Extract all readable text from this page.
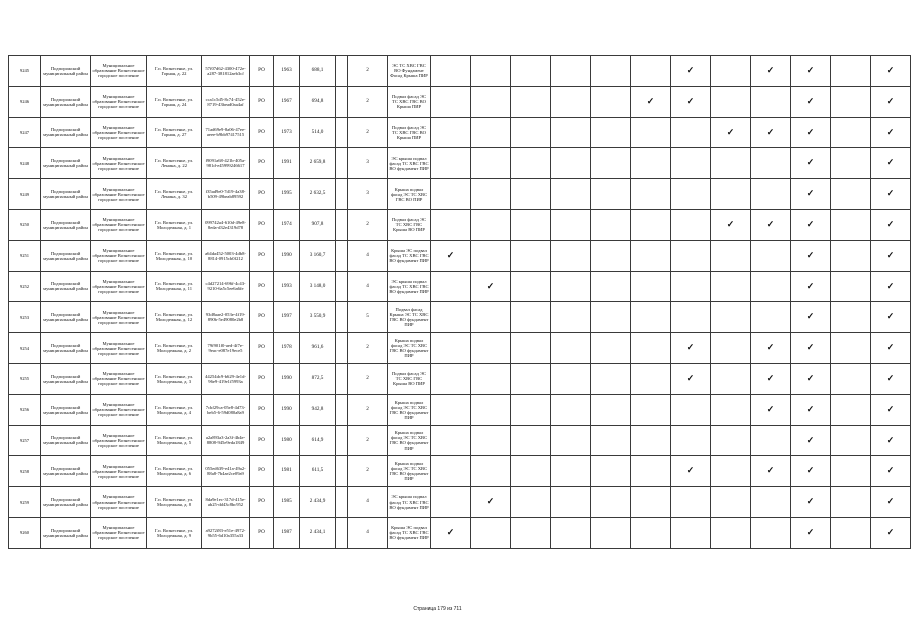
9245	Подпорожский муниципальный район	Муниципальное образование Вознесенское городское поселение	Г.п. Вознесенье, ул. Горная, д. 22	57f07d62-4300-472e-a287-381812aeb3cf	РО	1963	688,1		2	ЭС ТС ХВС ГВС ВО Фундамент Фасад Крыша ПИР							✓		✓	✓		✓
9246	Подпорожский муниципальный район	Муниципальное образование Вознесенское городское поселение	Г.п. Вознесенье, ул. Горная, д. 24	cca1c5d5-8c74-452e-8719-43bead0aa4af	РО	1967	694,8		2	Подвал фасад ЭС ТС ХВС ГВС ВО Крыша ПИР						✓	✓			✓		✓
9247	Подпорожский муниципальный район	Муниципальное образование Вознесенское городское поселение	Г.п. Вознесенье, ул. Горная, д. 27	71ad69e9-8a06-47ee-aeee-b9bb97417515	РО	1973	514,0		2	Подвал фасад ЭС ТС ХВС ГВС ВО Крыша ПИР								✓	✓	✓		✓
9248	Подпорожский муниципальный район	Муниципальное образование Вознесенское городское поселение	Г.п. Вознесенье, ул. Ленина, д. 22	f9091a68-421b-405a-981d-e45999246617	РО	1991	2 659,8		3	ЭС крыша подвал фасад ТС ХВС ГВС ВО фундамент ПИР										✓		✓
9249	Подпорожский муниципальный район	Муниципальное образование Вознесенское городское поселение	Г.п. Вознесенье, ул. Ленина, д. 32	f35ad9e0-7d19-4a38-b509-49beab89592	РО	1995	2 632,5		3	Крыша подвал фасад ЭС ТС ХВС ГВС ВО ПИР										✓		✓
9250	Подпорожский муниципальный район	Муниципальное образование Вознесенское городское поселение	Г.п. Вознесенье, ул. Молодежная, д. 1	099742a4-610d-49e8-8eda-d32e4319d78	РО	1974	907,8		2	Подвал фасад ЭС ТС ХВС ГВС Крыша ВО ПИР								✓	✓	✓		✓
9251	Подпорожский муниципальный район	Муниципальное образование Вознесенское городское поселение	Г.п. Вознесенье, ул. Молодежная, д. 10	a64da452-5003-4db8-8814-0915cb0f212	РО	1990	3 160,7		4	Крыша ЭС подвал фасад ТС ХВС ГВС ВО фундамент ПИР	✓									✓		✓
9252	Подпорожский муниципальный район	Муниципальное образование Вознесенское городское поселение	Г.п. Вознесенье, ул. Молодежная, д. 11	c4d27214-696f-4c43-9210-6a5c5ee6a6fe	РО	1993	3 148,0		4	ЭС крыша подвал фасад ТС ХВС ГВС ВО фундамент ПИР		✓								✓		✓
9253	Подпорожский муниципальный район	Муниципальное образование Вознесенское городское поселение	Г.п. Вознесенье, ул. Молодежная, д. 12	93d8aae2-053e-4f19-890b-5e49080e2b8	РО	1997	3 550,9		5	Подвал фасад Крыша ЭС ТС ХВС ГВС ВО фундамент ПИР										✓		✓
9254	Подпорожский муниципальный район	Муниципальное образование Вознесенское городское поселение	Г.п. Вознесенье, ул. Молодежная, д. 2	79f901f0-aed-4f7e-9eac-e087e19ece5	РО	1978	961,6		2	Крыша подвал фасад ЭС ТС ХВС ГВС ВО фундамент ПИР							✓		✓	✓		✓
9255	Подпорожский муниципальный район	Муниципальное образование Вознесенское городское поселение	Г.п. Вознесенье, ул. Молодежная, д. 3	44254dc9-b629-4e1d-96e9-419e1f5993a	РО	1990	872,5		2	Подвал фасад ЭС ТС ХВС ГВС Крыша ВО ПИР							✓		✓	✓		✓
9256	Подпорожский муниципальный район	Муниципальное образование Вознесенское городское поселение	Г.п. Вознесенье, ул. Молодежная, д. 4	7cbf29ca-05e8-4d73-beb5-6-59d080a8a9	РО	1990	942,8		2	Крыша подвал фасад ЭС ТС ХВС ГВС ВО фундамент ПИР									✓	✓		✓
9257	Подпорожский муниципальный район	Муниципальное образование Вознесенское городское поселение	Г.п. Вознесенье, ул. Молодежная, д. 5	a2a893a3-2a3f-4b4e-8808-945e9eda1849	РО	1980	614,9		2	Крыша подвал фасад ЭС ТС ХВС ГВС ВО фундамент ПИР										✓		✓
9258	Подпорожский муниципальный район	Муниципальное образование Вознесенское городское поселение	Г.п. Вознесенье, ул. Молодежная, д. 6	055ed639-e41a-49a2-88a8-7b4ae2ce09a9	РО	1981	611,5		2	Крыша подвал фасад ЭС ТС ХВС ГВС ВО фундамент ПИР							✓		✓	✓		✓
9259	Подпорожский муниципальный район	Муниципальное образование Вознесенское городское поселение	Г.п. Вознесенье, ул. Молодежная, д. 8	8da9e1ec-317d-415e-ab25-dd43c8bc952	РО	1985	2 434,9		4	ЭС крыша подвал фасад ТС ХВС ГВС ВО фундамент ПИР		✓								✓		✓
9260	Подпорожский муниципальный район	Муниципальное образование Вознесенское городское поселение	Г.п. Вознесенье, ул. Молодежная, д. 9	a9272f83-e51e-4972-9b55-6d10a355a33	РО	1987	2 434,1		4	Крыша ЭС подвал фасад ТС ХВС ГВС ВО фундамент ПИР	✓									✓		✓
Страница 179 из 711
